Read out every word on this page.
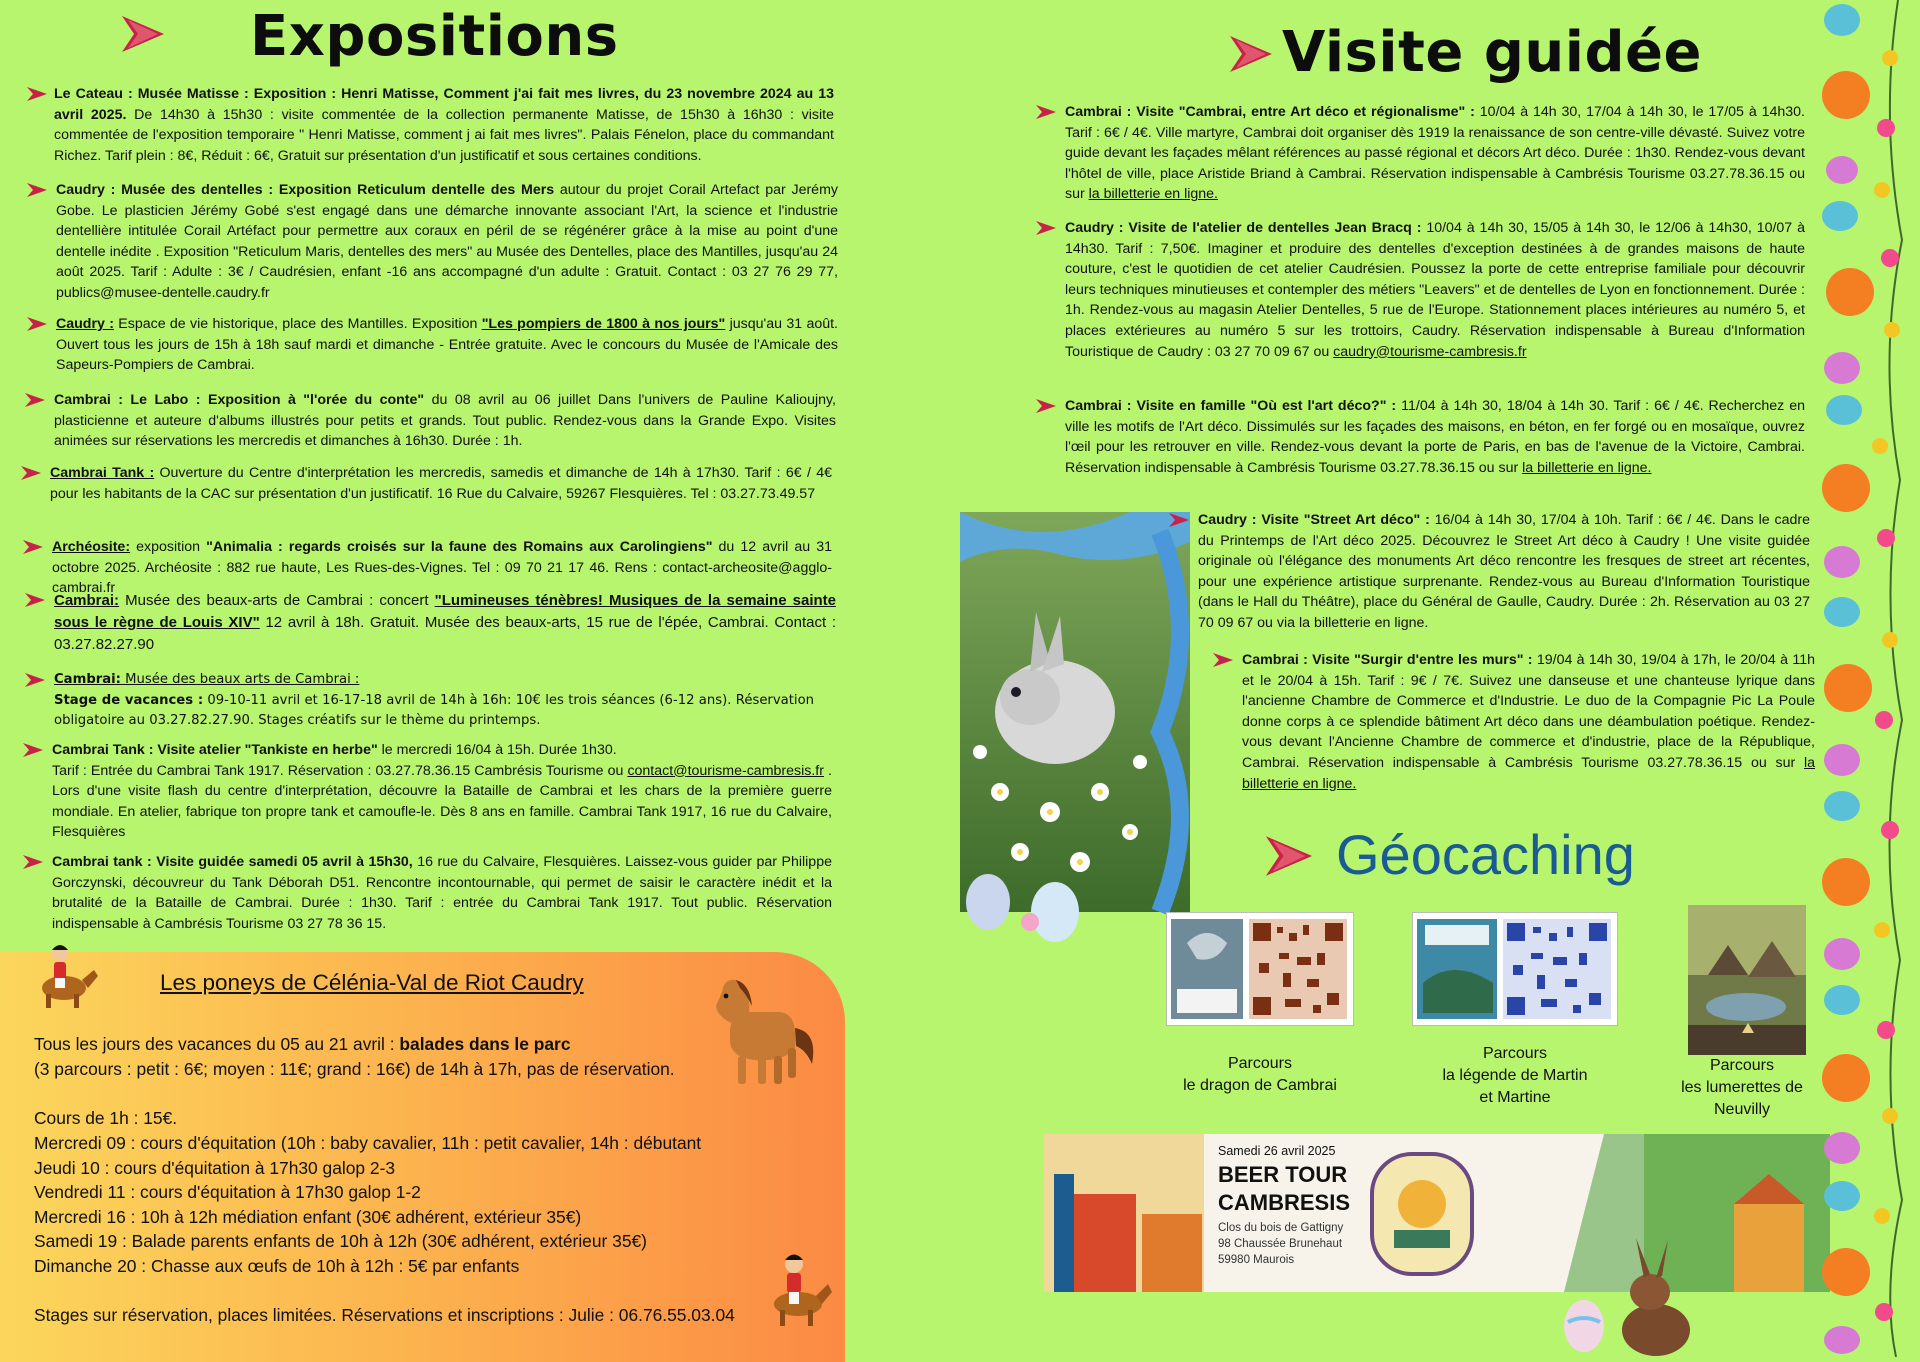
Expositions
Le Cateau : Musée Matisse : Exposition : Henri Matisse, Comment j'ai fait mes livres, du 23 novembre 2024 au 13 avril 2025. De 14h30 à 15h30 : visite commentée de la collection permanente Matisse, de 15h30 à 16h30 : visite commentée de l'exposition temporaire " Henri Matisse, comment j ai fait mes livres". Palais Fénelon, place du commandant Richez. Tarif plein : 8€, Réduit : 6€, Gratuit sur présentation d'un justificatif et sous certaines conditions.
Caudry : Musée des dentelles : Exposition Reticulum dentelle des Mers autour du projet Corail Artefact par Jerémy Gobe. Le plasticien Jérémy Gobé s'est engagé dans une démarche innovante associant l'Art, la science et l'industrie dentellière intitulée Corail Artéfact pour permettre aux coraux en péril de se régénérer grâce à la mise au point d'une dentelle inédite . Exposition "Reticulum Maris, dentelles des mers" au Musée des Dentelles, place des Mantilles, jusqu'au 24 août 2025. Tarif : Adulte : 3€ / Caudrésien, enfant -16 ans accompagné d'un adulte : Gratuit. Contact : 03 27 76 29 77, publics@musee-dentelle.caudry.fr
Caudry : Espace de vie historique, place des Mantilles. Exposition "Les pompiers de 1800 à nos jours" jusqu'au 31 août. Ouvert tous les jours de 15h à 18h sauf mardi et dimanche - Entrée gratuite. Avec le concours du Musée de l'Amicale des Sapeurs-Pompiers de Cambrai.
Cambrai : Le Labo : Exposition à "l'orée du conte" du 08 avril au 06 juillet Dans l'univers de Pauline Kalioujny, plasticienne et auteure d'albums illustrés pour petits et grands. Tout public. Rendez-vous dans la Grande Expo. Visites animées sur réservations les mercredis et dimanches à 16h30. Durée : 1h.
Cambrai Tank : Ouverture du Centre d'interprétation les mercredis, samedis et dimanche de 14h à 17h30. Tarif : 6€ / 4€ pour les habitants de la CAC sur présentation d'un justificatif. 16 Rue du Calvaire, 59267 Flesquières. Tel : 03.27.73.49.57
Archéosite: exposition "Animalia : regards croisés sur la faune des Romains aux Carolingiens" du 12 avril au 31 octobre 2025. Archéosite : 882 rue haute, Les Rues-des-Vignes. Tel : 09 70 21 17 46. Rens : contact-archeosite@agglo-cambrai.fr
Cambrai: Musée des beaux-arts de Cambrai : concert "Lumineuses ténèbres! Musiques de la semaine sainte sous le règne de Louis XIV" 12 avril à 18h. Gratuit. Musée des beaux-arts, 15 rue de l'épée, Cambrai. Contact : 03.27.82.27.90
Cambrai: Musée des beaux arts de Cambrai :
Stage de vacances : 09-10-11 avril et 16-17-18 avril de 14h à 16h: 10€ les trois séances (6-12 ans). Réservation obligatoire au 03.27.82.27.90. Stages créatifs sur le thème du printemps.
Cambrai Tank : Visite atelier "Tankiste en herbe" le mercredi 16/04 à 15h. Durée 1h30.
Tarif : Entrée du Cambrai Tank 1917. Réservation : 03.27.78.36.15 Cambrésis Tourisme ou contact@tourisme-cambresis.fr . Lors d'une visite flash du centre d'interprétation, découvre la Bataille de Cambrai et les chars de la première guerre mondiale. En atelier, fabrique ton propre tank et camoufle-le. Dès 8 ans en famille. Cambrai Tank 1917, 16 rue du Calvaire, Flesquières
Cambrai tank : Visite guidée samedi 05 avril à 15h30, 16 rue du Calvaire, Flesquières. Laissez-vous guider par Philippe Gorczynski, découvreur du Tank Déborah D51. Rencontre incontournable, qui permet de saisir le caractère inédit et la brutalité de la Bataille de Cambrai. Durée : 1h30. Tarif : entrée du Cambrai Tank 1917. Tout public. Réservation indispensable à Cambrésis Tourisme 03 27 78 36 15.
Les poneys de Célénia-Val de Riot Caudry
Tous les jours des vacances du 05 au 21 avril : balades dans le parc
(3 parcours : petit : 6€; moyen : 11€; grand : 16€) de 14h à 17h, pas de réservation.
Cours de 1h : 15€.
Mercredi 09 : cours d'équitation (10h : baby cavalier, 11h : petit cavalier, 14h : débutant
Jeudi 10 : cours d'équitation à 17h30 galop 2-3
Vendredi 11 : cours d'équitation à 17h30 galop 1-2
Mercredi 16 : 10h à 12h médiation enfant (30€ adhérent, extérieur 35€)
Samedi 19 : Balade parents enfants de 10h à 12h (30€ adhérent, extérieur 35€)
Dimanche 20 : Chasse aux œufs de 10h à 12h : 5€ par enfants
Stages sur réservation, places limitées. Réservations et inscriptions : Julie : 06.76.55.03.04
Visite guidée
Cambrai : Visite "Cambrai, entre Art déco et régionalisme" : 10/04 à 14h 30, 17/04 à 14h 30, le 17/05 à 14h30. Tarif : 6€ / 4€. Ville martyre, Cambrai doit organiser dès 1919 la renaissance de son centre-ville dévasté. Suivez votre guide devant les façades mêlant références au passé régional et décors Art déco. Durée : 1h30. Rendez-vous devant l'hôtel de ville, place Aristide Briand à Cambrai. Réservation indispensable à Cambrésis Tourisme 03.27.78.36.15 ou sur la billetterie en ligne.
Caudry : Visite de l'atelier de dentelles Jean Bracq : 10/04 à 14h 30, 15/05 à 14h 30, le 12/06 à 14h30, 10/07 à 14h30. Tarif : 7,50€. Imaginer et produire des dentelles d'exception destinées à de grandes maisons de haute couture, c'est le quotidien de cet atelier Caudrésien. Poussez la porte de cette entreprise familiale pour découvrir leurs techniques minutieuses et contempler des métiers "Leavers" et de dentelles de Lyon en fonctionnement. Durée : 1h. Rendez-vous au magasin Atelier Dentelles, 5 rue de l'Europe. Stationnement places intérieures au numéro 5, et places extérieures au numéro 5 sur les trottoirs, Caudry. Réservation indispensable à Bureau d'Information Touristique de Caudry : 03 27 70 09 67 ou caudry@tourisme-cambresis.fr
Cambrai : Visite en famille "Où est l'art déco?" : 11/04 à 14h 30, 18/04 à 14h 30. Tarif : 6€ / 4€. Recherchez en ville les motifs de l'Art déco. Dissimulés sur les façades des maisons, en béton, en fer forgé ou en mosaïque, ouvrez l'œil pour les retrouver en ville. Rendez-vous devant la porte de Paris, en bas de l'avenue de la Victoire, Cambrai. Réservation indispensable à Cambrésis Tourisme 03.27.78.36.15 ou sur la billetterie en ligne.
Caudry : Visite "Street Art déco" : 16/04 à 14h 30, 17/04 à 10h. Tarif : 6€ / 4€. Dans le cadre du Printemps de l'Art déco 2025. Découvrez le Street Art déco à Caudry ! Une visite guidée originale où l'élégance des monuments Art déco rencontre les fresques de street art récentes, pour une expérience artistique surprenante. Rendez-vous au Bureau d'Information Touristique (dans le Hall du Théâtre), place du Général de Gaulle, Caudry. Durée : 2h. Réservation au 03 27 70 09 67 ou via la billetterie en ligne.
Cambrai : Visite "Surgir d'entre les murs" : 19/04 à 14h 30, 19/04 à 17h, le 20/04 à 11h et le 20/04 à 15h. Tarif : 9€ / 7€. Suivez une danseuse et une chanteuse lyrique dans l'ancienne Chambre de Commerce et d'Industrie. Le duo de la Compagnie Pic La Poule donne corps à ce splendide bâtiment Art déco dans une déambulation poétique. Rendez-vous devant l'Ancienne Chambre de commerce et d'industrie, place de la République, Cambrai. Réservation indispensable à Cambrésis Tourisme 03.27.78.36.15 ou sur la billetterie en ligne.
Géocaching
Parcours
le dragon de Cambrai
Parcours
la légende de Martin
et Martine
Parcours
les lumerettes de
Neuvilly
Samedi 26 avril 2025
BEER TOUR
CAMBRESIS
Clos du bois de Gattigny
98 Chaussée Brunehaut
59980 Maurois
